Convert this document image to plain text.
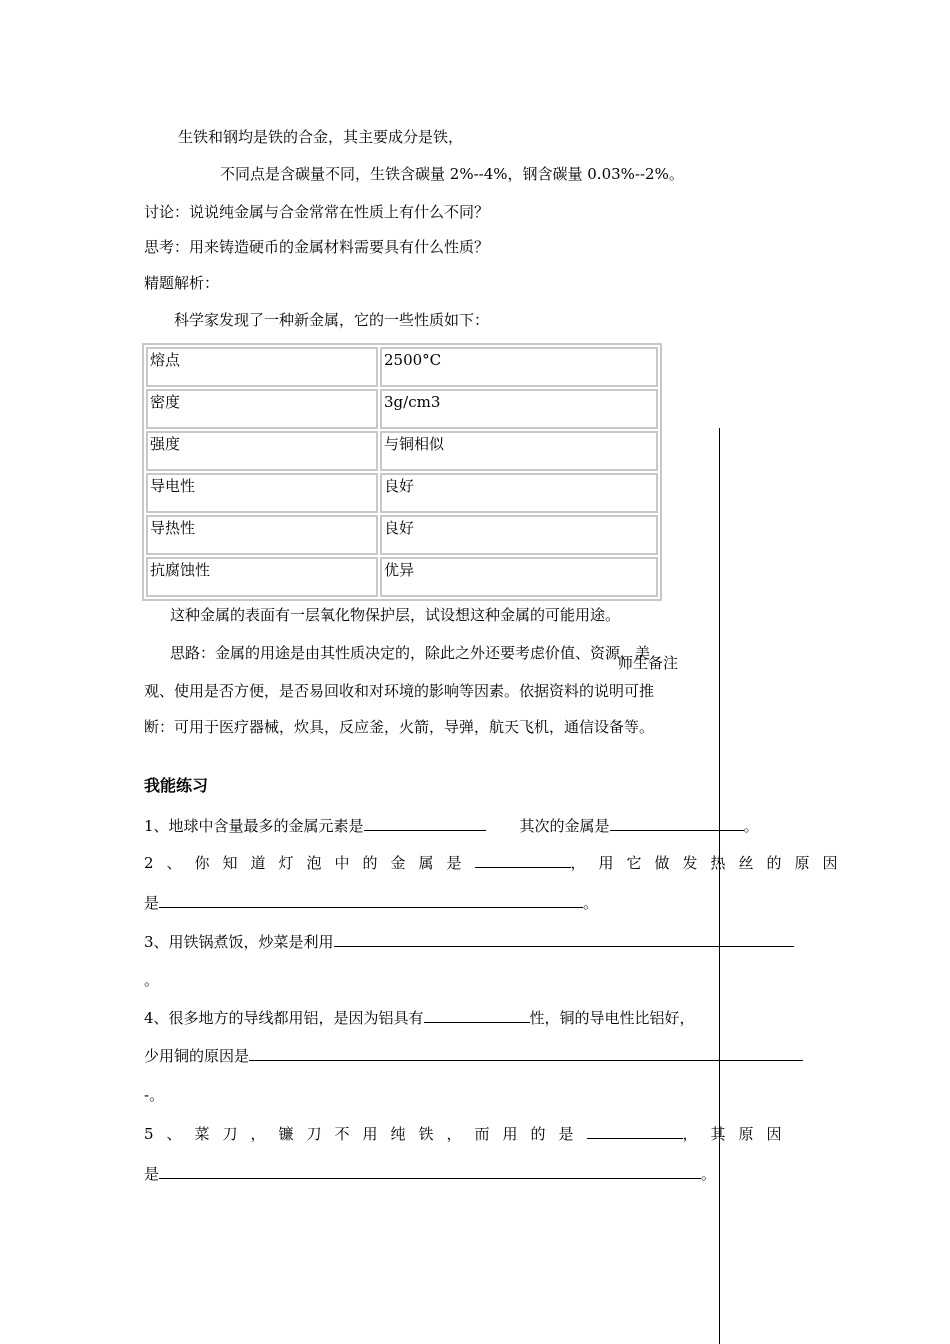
生铁和钢均是铁的合金，其主要成分是铁，
不同点是含碳量不同，生铁含碳量 2%--4%，钢含碳量 0.03%--2%。
讨论：说说纯金属与合金常常在性质上有什么不同？
思考：用来铸造硬币的金属材料需要具有什么性质？
精题解析：
科学家发现了一种新金属，它的一些性质如下：
熔点	2500°C
密度	3g/cm3
强度	与铜相似
导电性	良好
导热性	良好
抗腐蚀性	优异
这种金属的表面有一层氧化物保护层，试设想这种金属的可能用途。
思路：金属的用途是由其性质决定的，除此之外还要考虑价值、资源、美
观、使用是否方便，是否易回收和对环境的影响等因素。依据资料的说明可推
断：可用于医疗器械，炊具，反应釜，火箭，导弹，航天飞机，通信设备等。
师生备注
我能练习
1、地球中含量最多的金属元素是	其次的金属是	。
2、你知道灯泡中的金属是	，用它做发热丝的原因
是	。
3、用铁锅煮饭，炒菜是利用
。
4、很多地方的导线都用铝，是因为铝具有	性，铜的导电性比铝好，
少用铜的原因是
-。
5、菜刀，镰刀不用纯铁，而用的是	，其原因
是	。
